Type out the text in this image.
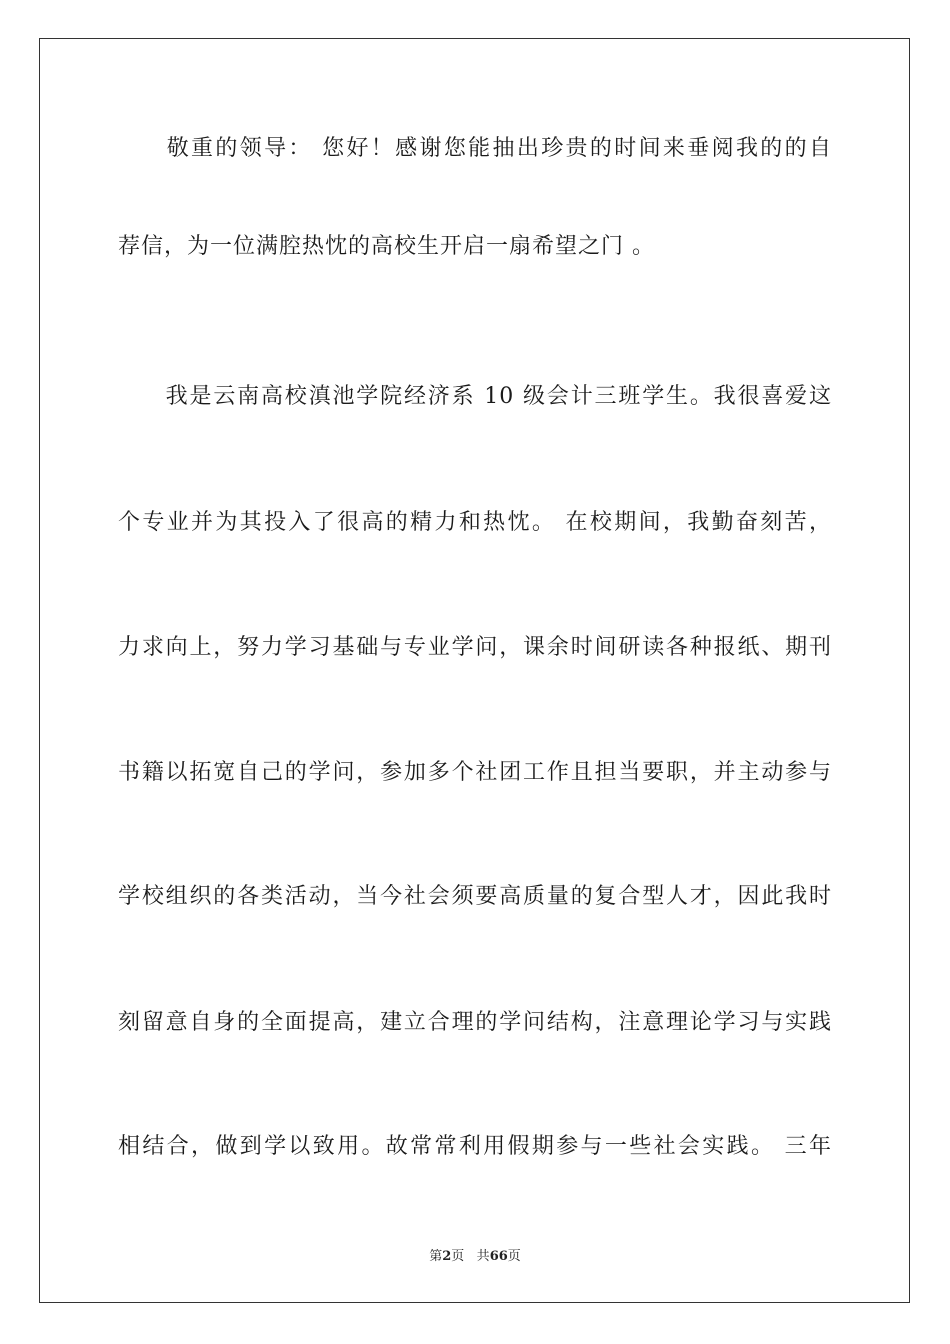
　　敬重的领导： 您好！感谢您能抽出珍贵的时间来垂阅我的的自
荐信，为一位满腔热忱的高校生开启一扇希望之门 。
　　我是云南高校滇池学院经济系 10 级会计三班学生。我很喜爱这
个专业并为其投入了很高的精力和热忱。 在校期间，我勤奋刻苦，
力求向上，努力学习基础与专业学问，课余时间研读各种报纸、期刊
书籍以拓宽自己的学问，参加多个社团工作且担当要职，并主动参与
学校组织的各类活动，当今社会须要高质量的复合型人才，因此我时
刻留意自身的全面提高，建立合理的学问结构，注意理论学习与实践
相结合，做到学以致用。故常常利用假期参与一些社会实践。 三年
第2页 共66页
